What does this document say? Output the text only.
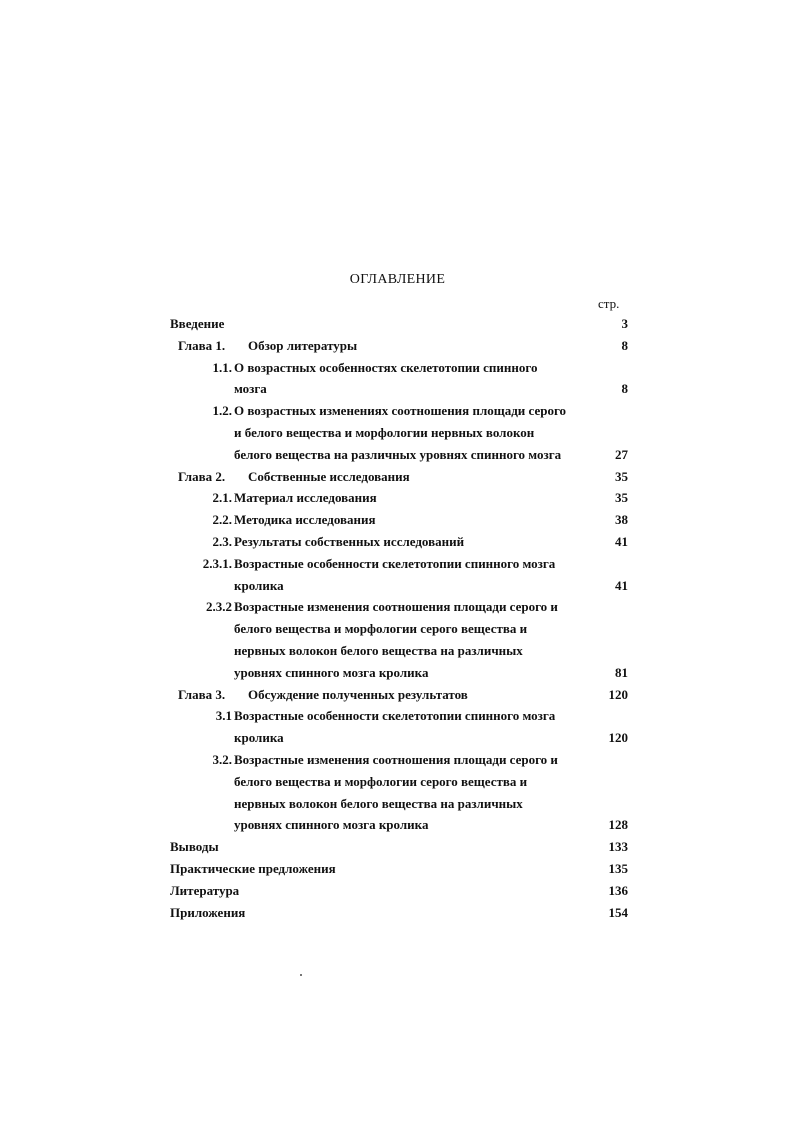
ОГЛАВЛЕНИЕ
стр.
Введение	3
Глава 1. Обзор литературы	8
1.1. О возрастных особенностях скелетотопии спинного
мозга	8
1.2. О возрастных изменениях соотношения площади серого
и белого вещества и морфологии нервных волокон
белого вещества на различных уровнях спинного мозга	27
Глава 2. Собственные исследования	35
2.1. Материал исследования	35
2.2. Методика исследования	38
2.3. Результаты собственных исследований	41
2.3.1. Возрастные особенности скелетотопии спинного мозга
кролика	41
2.3.2 Возрастные изменения соотношения площади серого и
белого вещества и морфологии серого вещества и
нервных волокон белого вещества на различных
уровнях спинного мозга кролика	81
Глава 3. Обсуждение полученных результатов	120
3.1 Возрастные особенности скелетотопии спинного мозга
кролика	120
3.2. Возрастные изменения соотношения площади серого и
белого вещества и морфологии серого вещества и
нервных волокон белого вещества на различных
уровнях спинного мозга кролика	128
Выводы	133
Практические предложения	135
Литература	136
Приложения	154
